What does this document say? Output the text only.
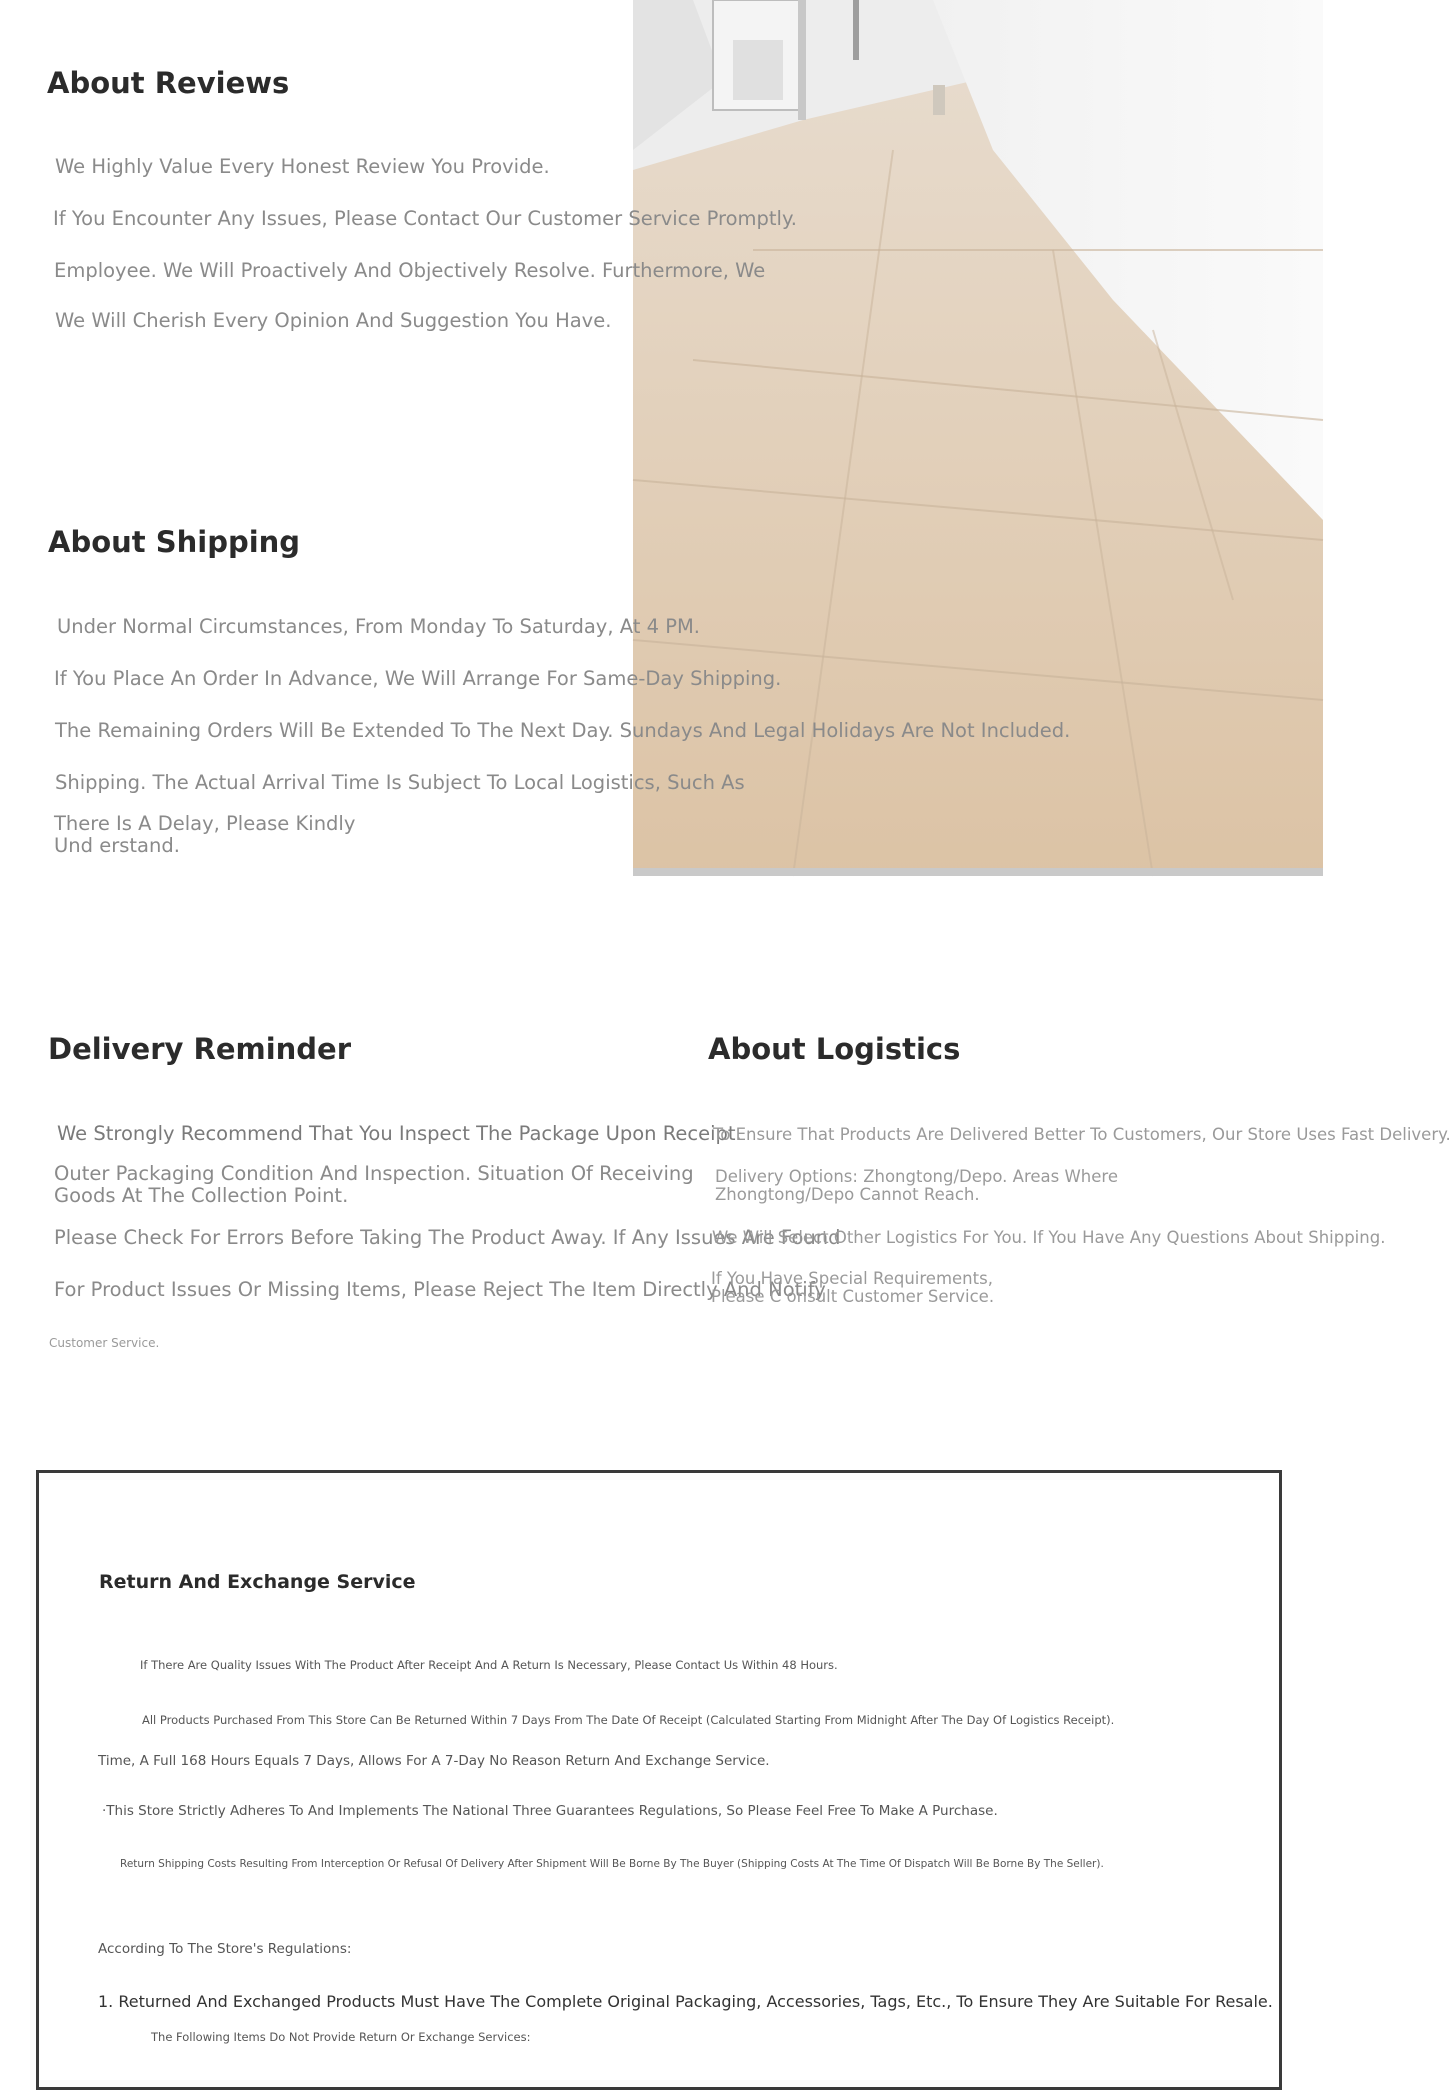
About Reviews
We Highly Value Every Honest Review You Provide.
If You Encounter Any Issues, Please Contact Our Customer Service Promptly.
Employee. We Will Proactively And Objectively Resolve. Furthermore, We
We Will Cherish Every Opinion And Suggestion You Have.
About Shipping
Under Normal Circumstances, From Monday To Saturday, At 4 PM.
If You Place An Order In Advance, We Will Arrange For Same-Day Shipping.
The Remaining Orders Will Be Extended To The Next Day. Sundays And Legal Holidays Are Not Included.
Shipping. The Actual Arrival Time Is Subject To Local Logistics, Such As
There Is A Delay, Please Kindly Und erstand.
Delivery Reminder
We Strongly Recommend That You Inspect The Package Upon Receipt.
Outer Packaging Condition And Inspection. Situation Of Receiving Goods At The Collection Point.
Please Check For Errors Before Taking The Product Away. If Any Issues Are Found
For Product Issues Or Missing Items, Please Reject The Item Directly And Notify
Customer Service.
About Logistics
To Ensure That Products Are Delivered Better To Customers, Our Store Uses Fast Delivery.
Delivery Options: Zhongtong/Depo. Areas Where Zhongtong/Depo Cannot Reach.
We Will Select Other Logistics For You. If You Have Any Questions About Shipping.
If You Have Special Requirements, Please C onsult Customer Service.
Return And Exchange Service
If There Are Quality Issues With The Product After Receipt And A Return Is Necessary, Please Contact Us Within 48 Hours.
All Products Purchased From This Store Can Be Returned Within 7 Days From The Date Of Receipt (Calculated Starting From Midnight After The Day Of Logistics Receipt).
Time, A Full 168 Hours Equals 7 Days, Allows For A 7-Day No Reason Return And Exchange Service.
·This Store Strictly Adheres To And Implements The National Three Guarantees Regulations, So Please Feel Free To Make A Purchase.
Return Shipping Costs Resulting From Interception Or Refusal Of Delivery After Shipment Will Be Borne By The Buyer (Shipping Costs At The Time Of Dispatch Will Be Borne By The Seller).
According To The Store's Regulations:
1. Returned And Exchanged Products Must Have The Complete Original Packaging, Accessories, Tags, Etc., To Ensure They Are Suitable For Resale.
The Following Items Do Not Provide Return Or Exchange Services:
